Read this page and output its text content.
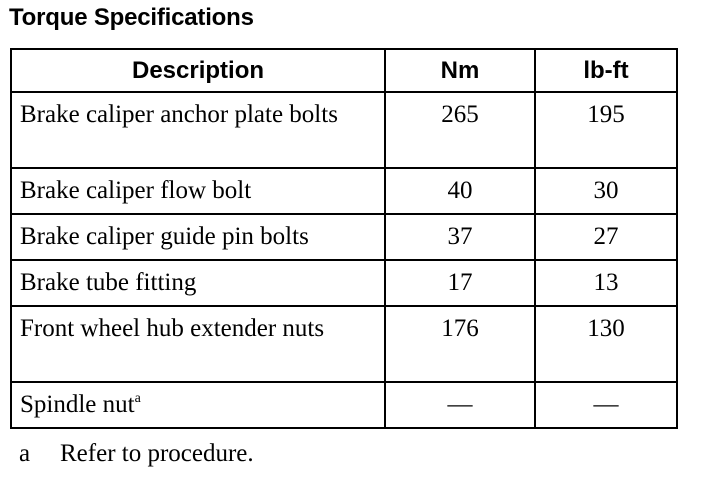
Torque Specifications
Description	Nm	lb-ft
Brake caliper anchor plate bolts	265	195
Brake caliper flow bolt	40	30
Brake caliper guide pin bolts	37	27
Brake tube fitting	17	13
Front wheel hub extender nuts	176	130
Spindle nut$^a$	—	—
a Refer to procedure.
